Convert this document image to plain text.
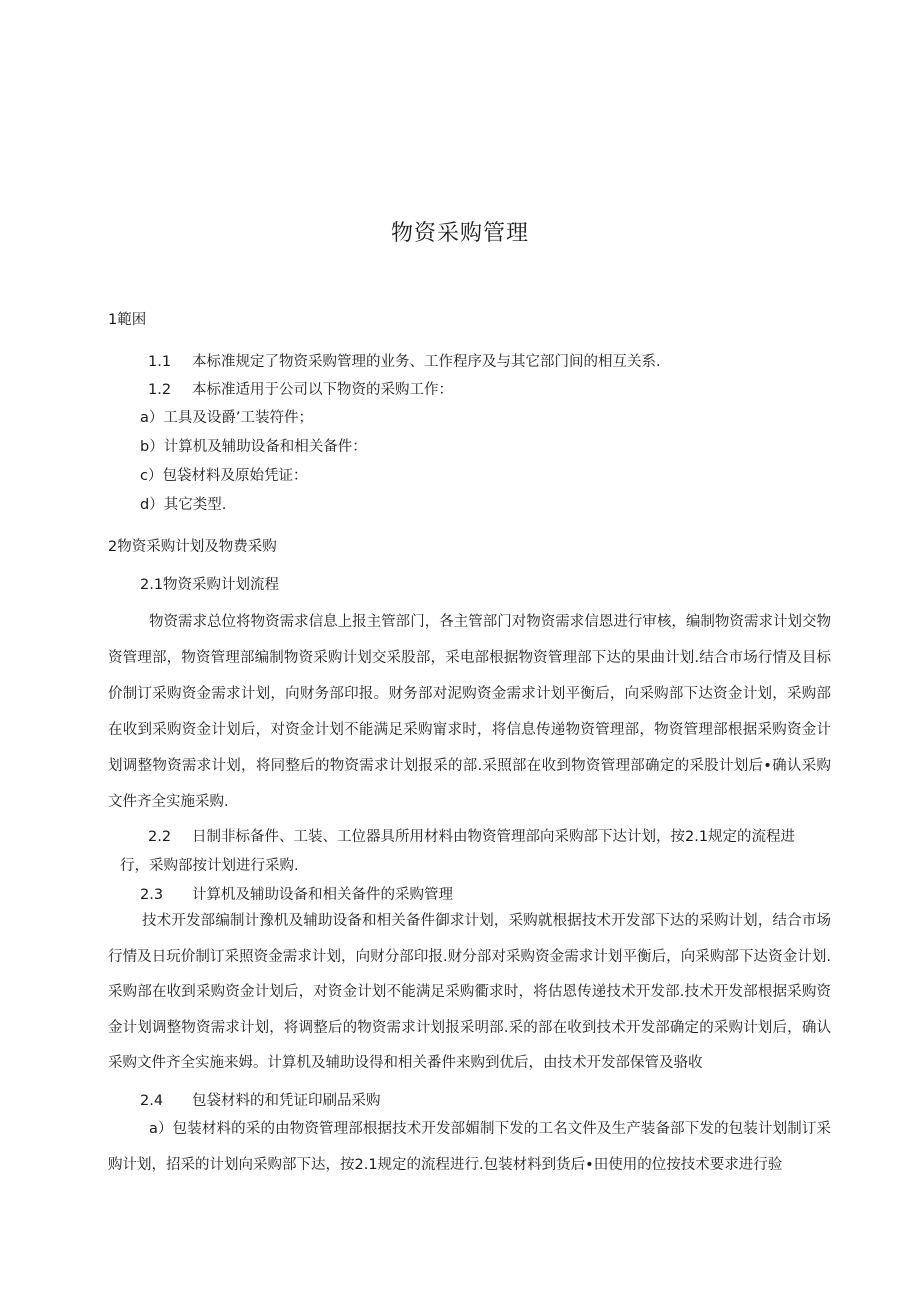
物资采购管理
1範困
1.1 本标准规定了物资采购管理的业务、工作程序及与其它部门间的相互关系.
1.2 本标准适用于公司以下物资的采购工作：
a）工具及设爵’工装符件；
b）计算机及辅助设备和相关备件：
c）包袋材料及原始凭证：
d）其它类型.
2物资采购计划及物费采购
2.1物资采购计划流程
物资需求总位将物资需求信息上报主管部门，各主管部门对物资需求信恩进行审核，编制物资需求计划交物资管理部，物资管理部编制物资采购计划交采股部，采电部根据物资管理部下达的果曲计划.结合市场行情及目标价制订采购资金需求计划，向财务部印报。财务部对泥购资金需求计划平衡后，向采购部下达资金计划，采购部在收到采购资金计划后，对资金计划不能满足采购甯求时，将信息传递物资管理部，物资管理部根据采购资金计划调整物资需求计划，将同整后的物资需求计划报采的部.采照部在收到物资管理部确定的采股计划后•确认采购文件齐全实施采购.
2.2 日制非标备件、工装、工位器具所用材料由物资管理部向采购部下达计划，按2.1规定的流程进
行，采购部按计划进行采购.
2.3 计算机及辅助设备和相关备件的采购管理
技术开发部编制计豫机及辅助设备和相关备件御求计划，采购就根据技术开发部下达的采购计划，结合市场行情及日玩价制订采照资金需求计划，向财分部印报.财分部对采购资金需求计划平衡后，向采购部下达资金计划.采购部在收到采购资金计划后，对资金计划不能满足采购衢求时，将估恩传递技术开发部.技术开发部根据采购资金计划调整物资需求计划，将调整后的物资需求计划报采明部.采的部在收到技术开发部确定的采购计划后，确认采购文件齐全实施来姆。计算机及辅助设得和相关番件来购到优后，由技术开发部保管及骆收
2.4 包袋材料的和凭证印刷品采购
a）包装材料的采的由物资管理部根据技术开发部媚制下发的工名文件及生产装备部下发的包装计划制订采购计划，招采的计划向采购部下达，按2.1规定的流程进行.包装材料到货后•田使用的位按技术要求进行验
